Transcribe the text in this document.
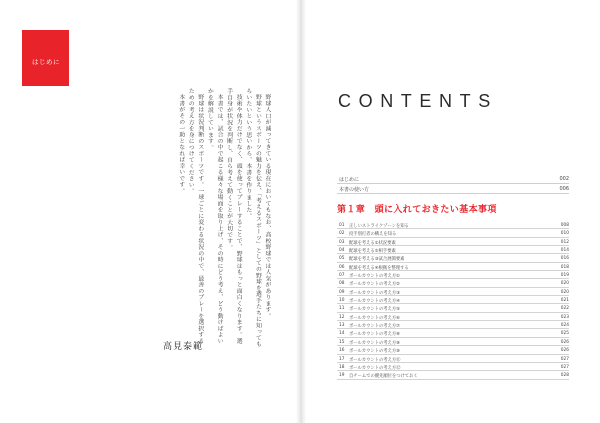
はじめに

野球人口が減ってきている現在においてもなお、高校野球では人気があります。

野球というスポーツの魅力を伝え、「考えるスポーツ」としての野球を選手たちに知ってもらいたいという思いから、本書を作りました。

技術や体力だけでなく、頭を使ってプレーすることで、野球はもっと面白くなります。選手自身が状況を判断し、自ら考えて動くことが大切です。

本書では、試合の中で起こる様々な場面を取り上げ、その時にどう考え、どう動けばよいかを解説しています。

野球は状況判断のスポーツです。一球ごとに変わる状況の中で、最善のプレーを選択するための考え方を身につけてください。

本書がその一助となれば幸いです。

高見泰範
CONTENTS
はじめに	002
本書の使い方	006
第１章　頭に入れておきたい基本事項
01	正しいストライクゾーンを知る	008
02	投手別打者の構えを知る	010
03	配球を考える①状況要素	012
04	配球を考える②相手要素	014
05	配球を考える③試合展開要素	016
06	配球を考える④根拠を整理する	018
07	ボールカウントの考え方①	019
08	ボールカウントの考え方②	020
09	ボールカウントの考え方③	020
10	ボールカウントの考え方④	021
11	ボールカウントの考え方⑤	022
12	ボールカウントの考え方⑥	023
13	ボールカウントの考え方⑦	024
14	ボールカウントの考え方⑧	025
15	ボールカウントの考え方⑨	026
16	ボールカウントの考え方⑩	026
17	ボールカウントの考え方⑪	027
18	ボールカウントの考え方⑫	027
19	自チームでの優先順位をつけておく	028
